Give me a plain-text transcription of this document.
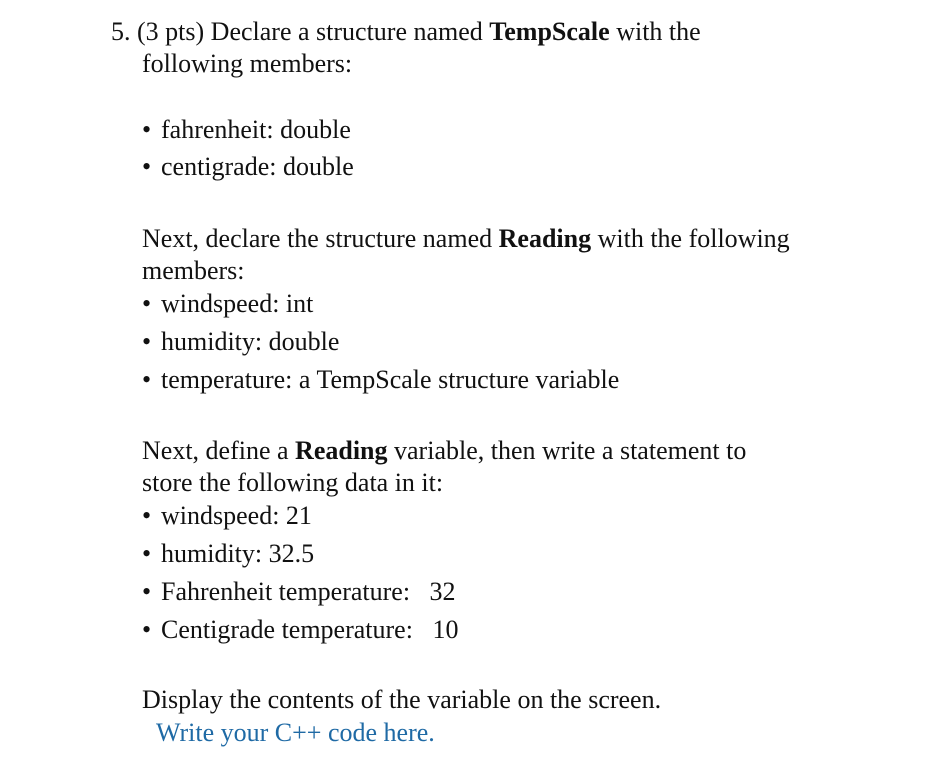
5. (3 pts) Declare a structure named TempScale with the
following members:
• fahrenheit: double
• centigrade: double
Next, declare the structure named Reading with the following
members:
• windspeed: int
• humidity: double
• temperature: a TempScale structure variable
Next, define a Reading variable, then write a statement to
store the following data in it:
• windspeed: 21
• humidity: 32.5
• Fahrenheit temperature:   32
• Centigrade temperature:   10
Display the contents of the variable on the screen.
Write your C++ code here.
